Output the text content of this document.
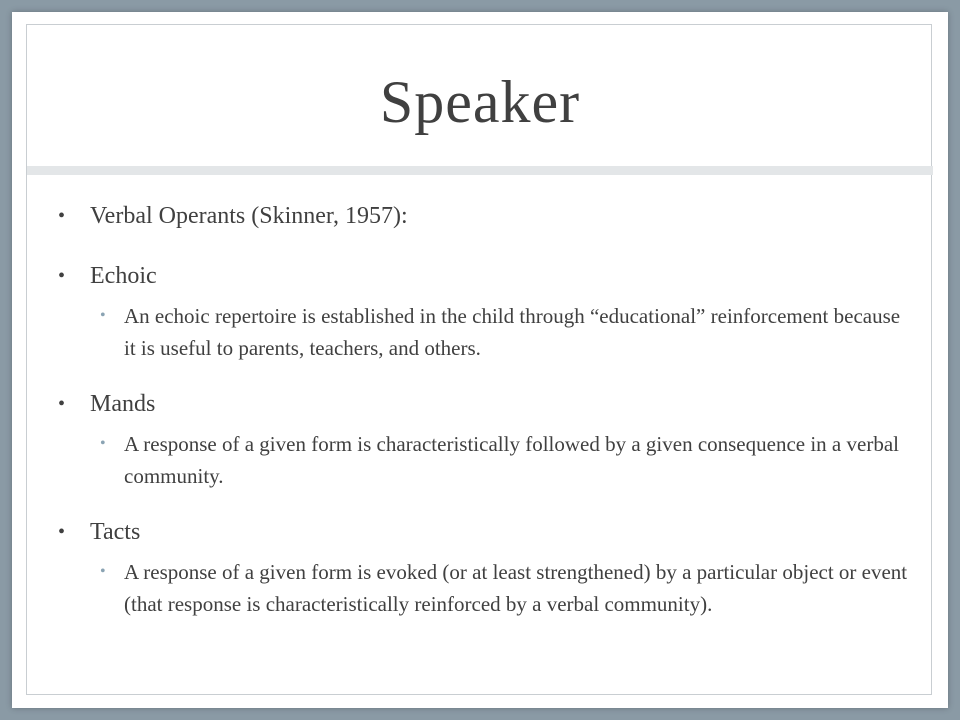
Speaker
• Verbal Operants (Skinner, 1957):
• Echoic
• An echoic repertoire is established in the child through “educational” reinforcement because it is useful to parents, teachers, and others.
• Mands
• A response of a given form is characteristically followed by a given consequence in a verbal community.
• Tacts
• A response of a given form is evoked (or at least strengthened) by a particular object or event (that response is characteristically reinforced by a verbal community).
